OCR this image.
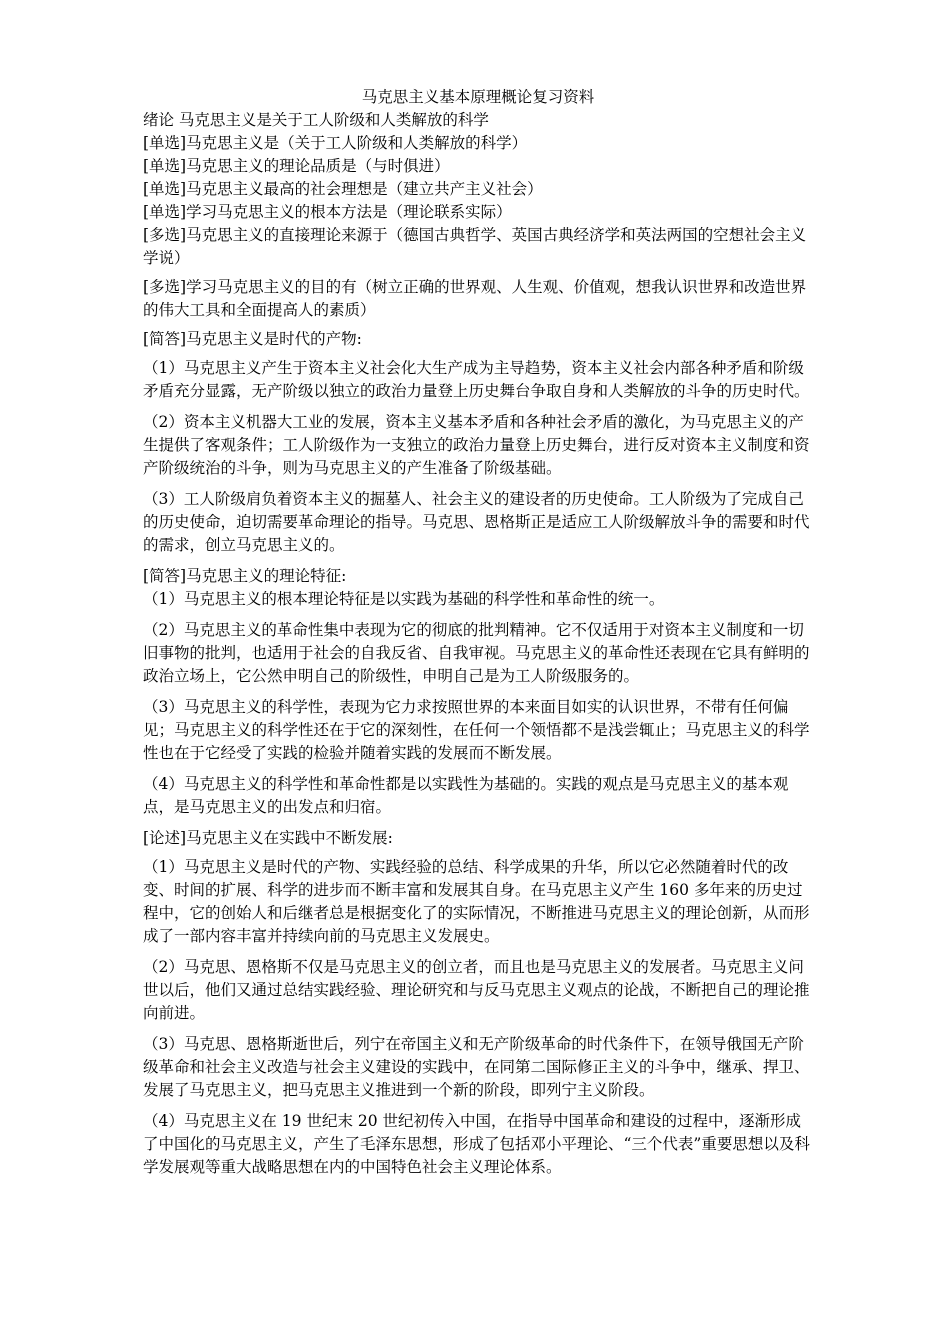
马克思主义基本原理概论复习资料

绪论 马克思主义是关于工人阶级和人类解放的科学

[单选]马克思主义是（关于工人阶级和人类解放的科学）

[单选]马克思主义的理论品质是（与时俱进）

[单选]马克思主义最高的社会理想是（建立共产主义社会）

[单选]学习马克思主义的根本方法是（理论联系实际）

[多选]马克思主义的直接理论来源于（德国古典哲学、英国古典经济学和英法两国的空想社会主义学说）

[多选]学习马克思主义的目的有（树立正确的世界观、人生观、价值观，想我认识世界和改造世界的伟大工具和全面提高人的素质）

[简答]马克思主义是时代的产物:

（1）马克思主义产生于资本主义社会化大生产成为主导趋势，资本主义社会内部各种矛盾和阶级矛盾充分显露，无产阶级以独立的政治力量登上历史舞台争取自身和人类解放的斗争的历史时代。

（2）资本主义机器大工业的发展，资本主义基本矛盾和各种社会矛盾的激化，为马克思主义的产生提供了客观条件；工人阶级作为一支独立的政治力量登上历史舞台，进行反对资本主义制度和资产阶级统治的斗争，则为马克思主义的产生准备了阶级基础。

（3）工人阶级肩负着资本主义的掘墓人、社会主义的建设者的历史使命。工人阶级为了完成自己的历史使命，迫切需要革命理论的指导。马克思、恩格斯正是适应工人阶级解放斗争的需要和时代的需求，创立马克思主义的。

[简答]马克思主义的理论特征:

（1）马克思主义的根本理论特征是以实践为基础的科学性和革命性的统一。

（2）马克思主义的革命性集中表现为它的彻底的批判精神。它不仅适用于对资本主义制度和一切旧事物的批判，也适用于社会的自我反省、自我审视。马克思主义的革命性还表现在它具有鲜明的政治立场上，它公然申明自己的阶级性，申明自己是为工人阶级服务的。

（3）马克思主义的科学性，表现为它力求按照世界的本来面目如实的认识世界，不带有任何偏见；马克思主义的科学性还在于它的深刻性，在任何一个领悟都不是浅尝辄止；马克思主义的科学性也在于它经受了实践的检验并随着实践的发展而不断发展。

（4）马克思主义的科学性和革命性都是以实践性为基础的。实践的观点是马克思主义的基本观点，是马克思主义的出发点和归宿。

[论述]马克思主义在实践中不断发展:

（1）马克思主义是时代的产物、实践经验的总结、科学成果的升华，所以它必然随着时代的改变、时间的扩展、科学的进步而不断丰富和发展其自身。在马克思主义产生 160 多年来的历史过程中，它的创始人和后继者总是根据变化了的实际情况，不断推进马克思主义的理论创新，从而形成了一部内容丰富并持续向前的马克思主义发展史。

（2）马克思、恩格斯不仅是马克思主义的创立者，而且也是马克思主义的发展者。马克思主义问世以后，他们又通过总结实践经验、理论研究和与反马克思主义观点的论战，不断把自己的理论推向前进。

（3）马克思、恩格斯逝世后，列宁在帝国主义和无产阶级革命的时代条件下，在领导俄国无产阶级革命和社会主义改造与社会主义建设的实践中，在同第二国际修正主义的斗争中，继承、捍卫、发展了马克思主义，把马克思主义推进到一个新的阶段，即列宁主义阶段。

（4）马克思主义在 19 世纪末 20 世纪初传入中国，在指导中国革命和建设的过程中，逐渐形成了中国化的马克思主义，产生了毛泽东思想，形成了包括邓小平理论、“三个代表”重要思想以及科学发展观等重大战略思想在内的中国特色社会主义理论体系。
